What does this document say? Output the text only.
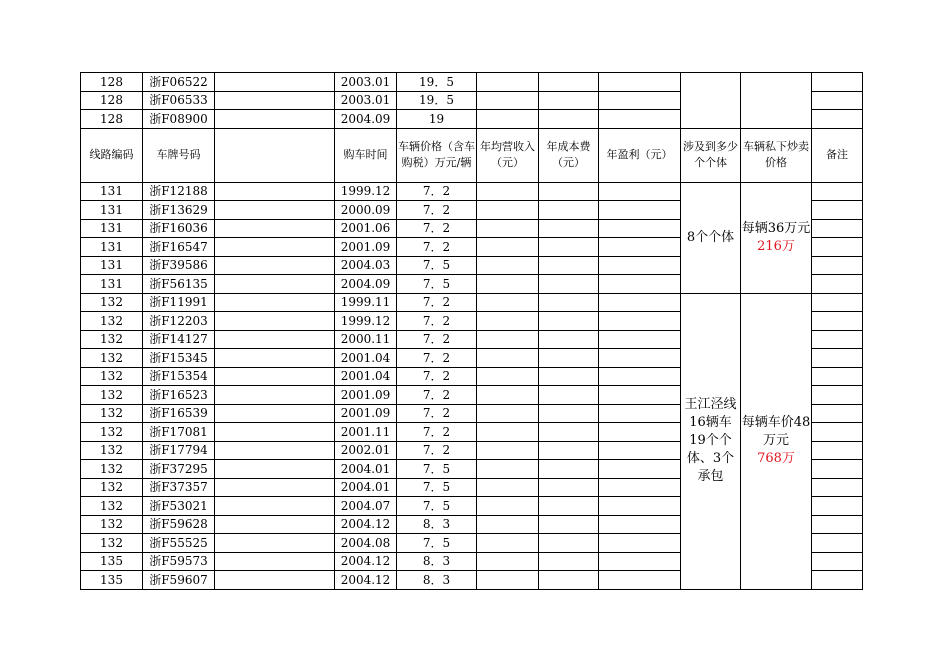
128	浙F06522		2003.01	19．5						
128	浙F06533		2003.01	19．5						
128	浙F08900		2004.09	19						
线路编码	车牌号码		购车时间	车辆价格（含车购税）万元/辆	年均营收入（元）	年成本费（元）	年盈利（元）	涉及到多少个个体	车辆私下炒卖价格	备注
131	浙F12188		1999.12	7．2				8个个体	每辆36万元
216万	

131	浙F13629		2000.09	7．2						
131	浙F16036		2001.06	7．2						
131	浙F16547		2001.09	7．2						
131	浙F39586		2004.03	7．5						
131	浙F56135		2004.09	7．5						
132	浙F11991		1999.11	7．2				王江泾线16辆车19个个体、3个承包	每辆车价48万元
768万	

132	浙F12203		1999.12	7．2						
132	浙F14127		2000.11	7．2						
132	浙F15345		2001.04	7．2						
132	浙F15354		2001.04	7．2						
132	浙F16523		2001.09	7．2						
132	浙F16539		2001.09	7．2						
132	浙F17081		2001.11	7．2						
132	浙F17794		2002.01	7．2						
132	浙F37295		2004.01	7．5						
132	浙F37357		2004.01	7．5						
132	浙F53021		2004.07	7．5						
132	浙F59628		2004.12	8．3						
132	浙F55525		2004.08	7．5						
135	浙F59573		2004.12	8．3						
135	浙F59607		2004.12	8．3						
